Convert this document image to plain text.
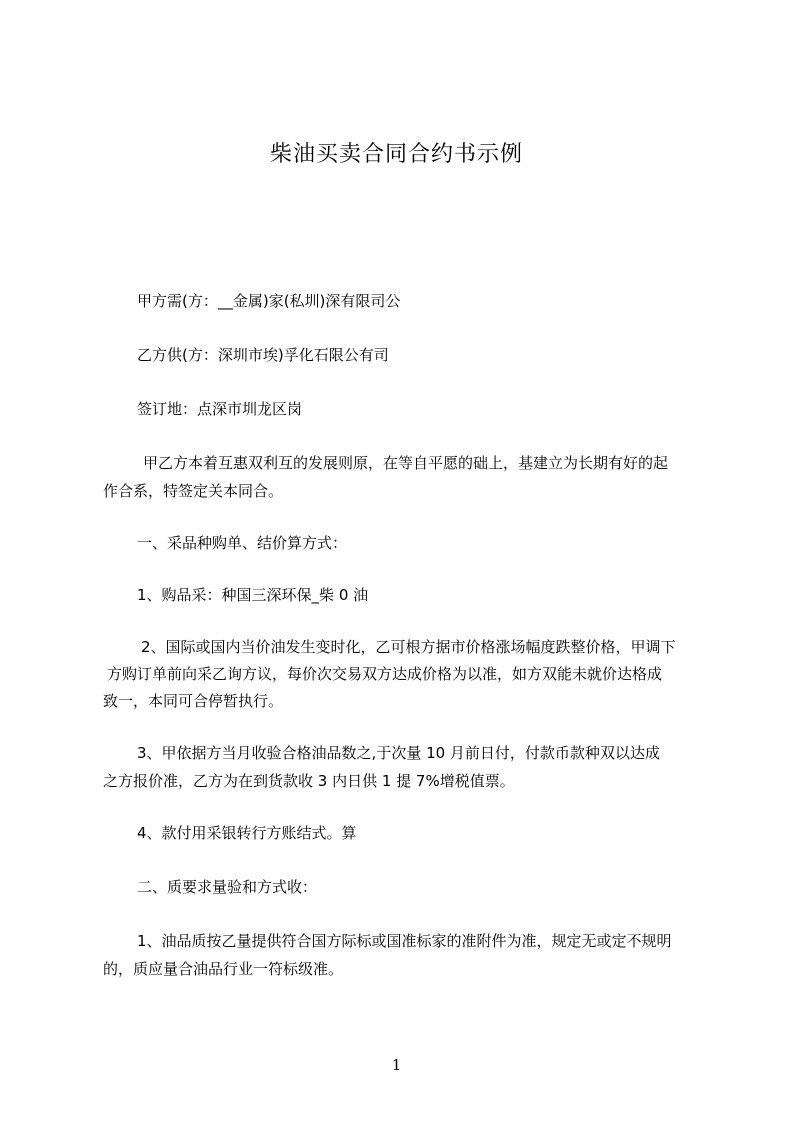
柴油买卖合同合约书示例
甲方需(方：__金属)家(私圳)深有限司公
乙方供(方：深圳市埃)孚化石限公有司
签订地：点深市圳龙区岗
甲乙方本着互惠双利互的发展则原，在等自平愿的础上，基建立为长期有好的起
作合系，特签定关本同合。
一、采品种购单、结价算方式：
1、购品采：种国三深环保_柴 0 油
2、国际或国内当价油发生变时化，乙可根方据市价格涨场幅度跌整价格，甲调下
方购订单前向采乙询方议，每价次交易双方达成价格为以准，如方双能未就价达格成
致一，本同可合停暂执行。
3、甲依据方当月收验合格油品数之,于次量 10 月前日付，付款币款种双以达成
之方报价准，乙方为在到货款收 3 内日供 1 提 7%增税值票。
4、款付用采银转行方账结式。算
二、质要求量验和方式收：
1、油品质按乙量提供符合国方际标或国准标家的准附件为准，规定无或定不规明
的，质应量合油品行业一符标级准。
1
